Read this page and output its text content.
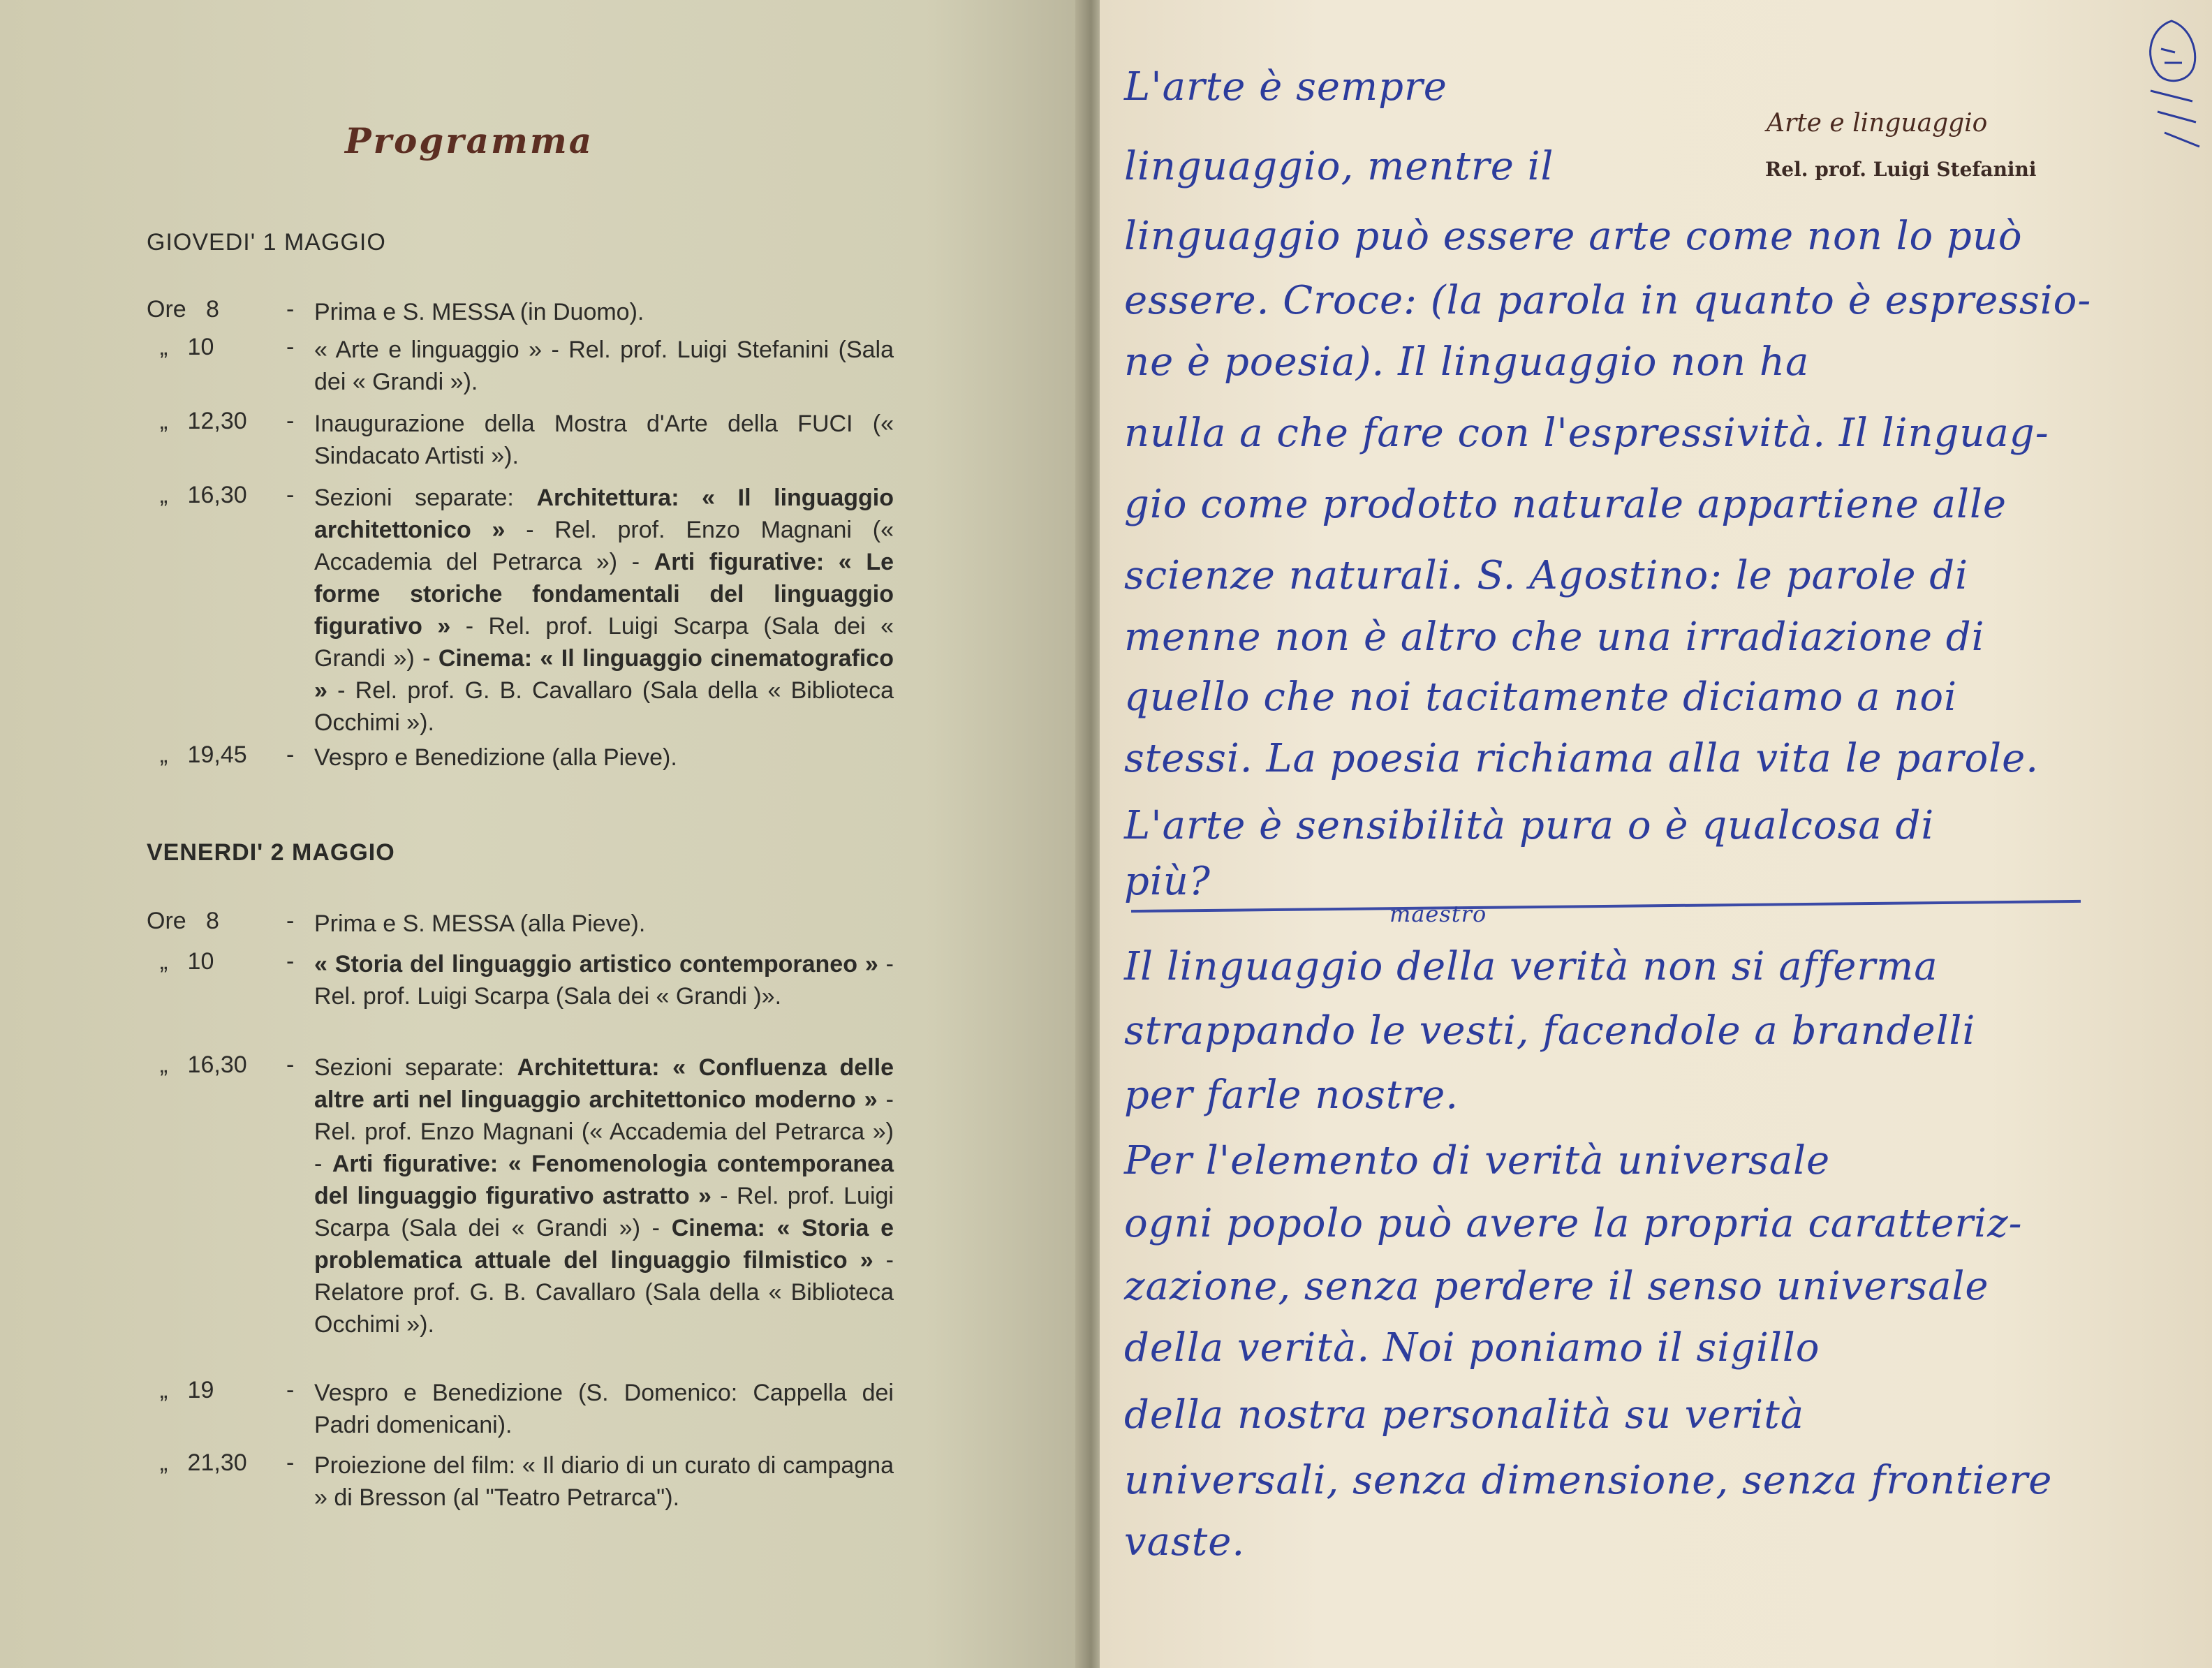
Programma
GIOVEDI' 1 MAGGIO
Ore   8	- Prima e S. MESSA (in Duomo).
„   10	- « Arte e linguaggio » - Rel. prof. Luigi Stefanini (Sala dei « Grandi »).
„   12,30	- Inaugurazione della Mostra d'Arte della FUCI (« Sindacato Artisti »).
„   16,30	- Sezioni separate: Architettura: « Il linguaggio architettonico » - Rel. prof. Enzo Magnani (« Accademia del Petrarca ») - Arti figurative: « Le forme storiche fondamentali del linguaggio figurativo » - Rel. prof. Luigi Scarpa (Sala dei « Grandi ») - Cinema: « Il linguaggio cinematografico » - Rel. prof. G. B. Cavallaro (Sala della « Biblioteca Occhimi »).
„   19,45	- Vespro e Benedizione (alla Pieve).
VENERDI' 2 MAGGIO
Ore   8	- Prima e S. MESSA (alla Pieve).
„   10	- « Storia del linguaggio artistico contemporaneo » - Rel. prof. Luigi Scarpa (Sala dei « Grandi )».
„   16,30	- Sezioni separate: Architettura: « Confluenza delle altre arti nel linguaggio architettonico moderno » - Rel. prof. Enzo Magnani (« Accademia del Petrarca ») - Arti figurative: « Fenomenologia contemporanea del linguaggio figurativo astratto » - Rel. prof. Luigi Scarpa (Sala dei « Grandi ») - Cinema: « Storia e problematica attuale del linguaggio filmistico » - Relatore prof. G. B. Cavallaro (Sala della « Biblioteca Occhimi »).
„   19	- Vespro e Benedizione (S. Domenico: Cappella dei Padri domenicani).
„   21,30	- Proiezione del film: « Il diario di un curato di campagna » di Bresson (al "Teatro Petrarca").
Arte e linguaggio
Rel. prof. Luigi Stefanini
L'arte è sempre
linguaggio, mentre il
linguaggio può essere arte come non lo può
essere. Croce: (la parola in quanto è espressio-
ne è poesia). Il linguaggio non ha
nulla a che fare con l'espressività. Il linguag-
gio come prodotto naturale appartiene alle
scienze naturali. S. Agostino: le parole di
menne non è altro che una irradiazione di
quello che noi tacitamente diciamo a noi
stessi. La poesia richiama alla vita le parole.
L'arte è sensibilità pura o è qualcosa di
più?
maestro
Il linguaggio della verità non si afferma
strappando le vesti, facendole a brandelli
per farle nostre.
Per l'elemento di verità universale
ogni popolo può avere la propria caratteriz-
zazione, senza perdere il senso universale
della verità. Noi poniamo il sigillo
della nostra personalità su verità
universali, senza dimensione, senza frontiere
vaste.
